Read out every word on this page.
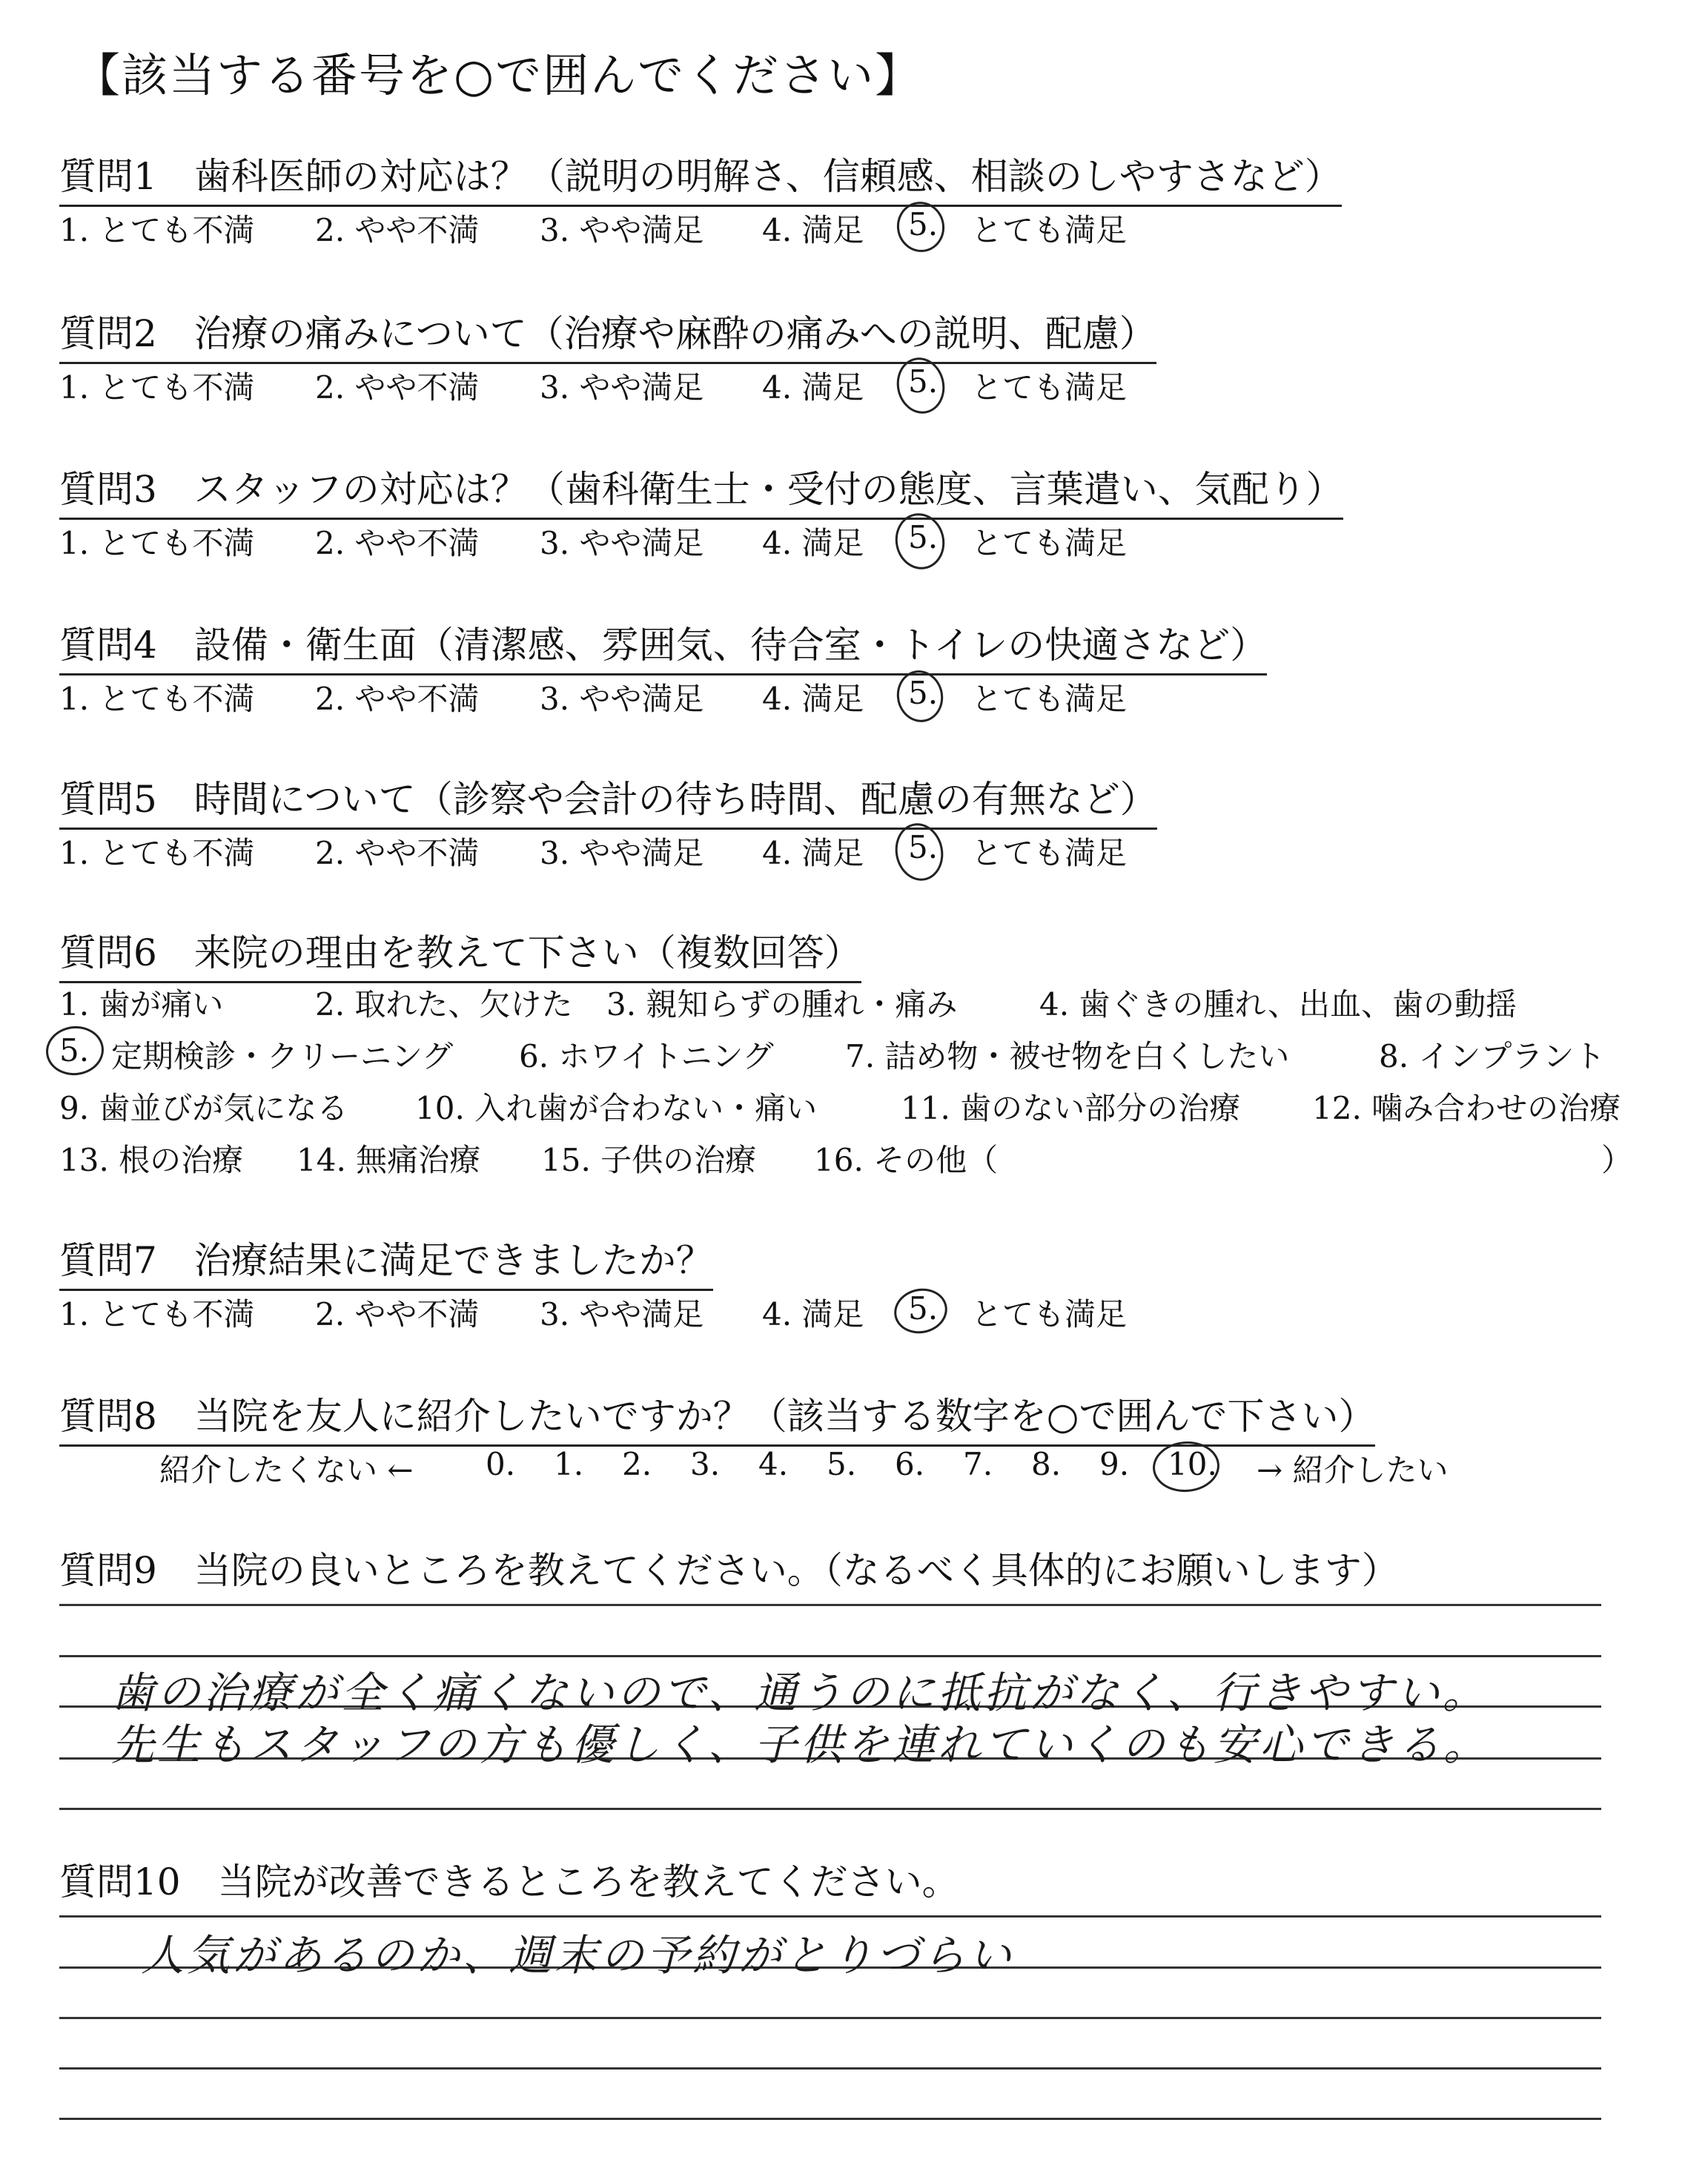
【該当する番号を○で囲んでください】
質問1　歯科医師の対応は？（説明の明解さ、信頼感、相談のしやすさなど）
1. とても不満 2. やや不満 3. やや満足 4. 満足 5. とても満足
質問2　治療の痛みについて（治療や麻酔の痛みへの説明、配慮）
1. とても不満 2. やや不満 3. やや満足 4. 満足 5. とても満足
質問3　スタッフの対応は？（歯科衛生士・受付の態度、言葉遣い、気配り）
1. とても不満 2. やや不満 3. やや満足 4. 満足 5. とても満足
質問4　設備・衛生面（清潔感、雰囲気、待合室・トイレの快適さなど）
1. とても不満 2. やや不満 3. やや満足 4. 満足 5. とても満足
質問5　時間について（診察や会計の待ち時間、配慮の有無など）
1. とても不満 2. やや不満 3. やや満足 4. 満足 5. とても満足
質問6　来院の理由を教えて下さい（複数回答）
1. 歯が痛い	2. 取れた、欠けた 3. 親知らずの腫れ・痛み	4. 歯ぐきの腫れ、出血、歯の動揺
5. 定期検診・クリーニング 6. ホワイトニング 7. 詰め物・被せ物を白くしたい	8. インプラント
9. 歯並びが気になる 10. 入れ歯が合わない・痛い	11. 歯のない部分の治療 12. 噛み合わせの治療
13. 根の治療 14. 無痛治療 15. 子供の治療 16. その他（	）
質問7　治療結果に満足できましたか？
1. とても不満 2. やや不満 3. やや満足 4. 満足 5. とても満足
質問8　当院を友人に紹介したいですか？（該当する数字を○で囲んで下さい）
紹介したくない ← 0. 1. 2. 3. 4. 5. 6. 7. 8. 9. 10. → 紹介したい
質問9　当院の良いところを教えてください。（なるべく具体的にお願いします）
歯の治療が全く痛くないので、通うのに抵抗がなく、行きやすい。
先生もスタッフの方も優しく、子供を連れていくのも安心できる。
質問10　当院が改善できるところを教えてください。
人気があるのか、週末の予約がとりづらい
